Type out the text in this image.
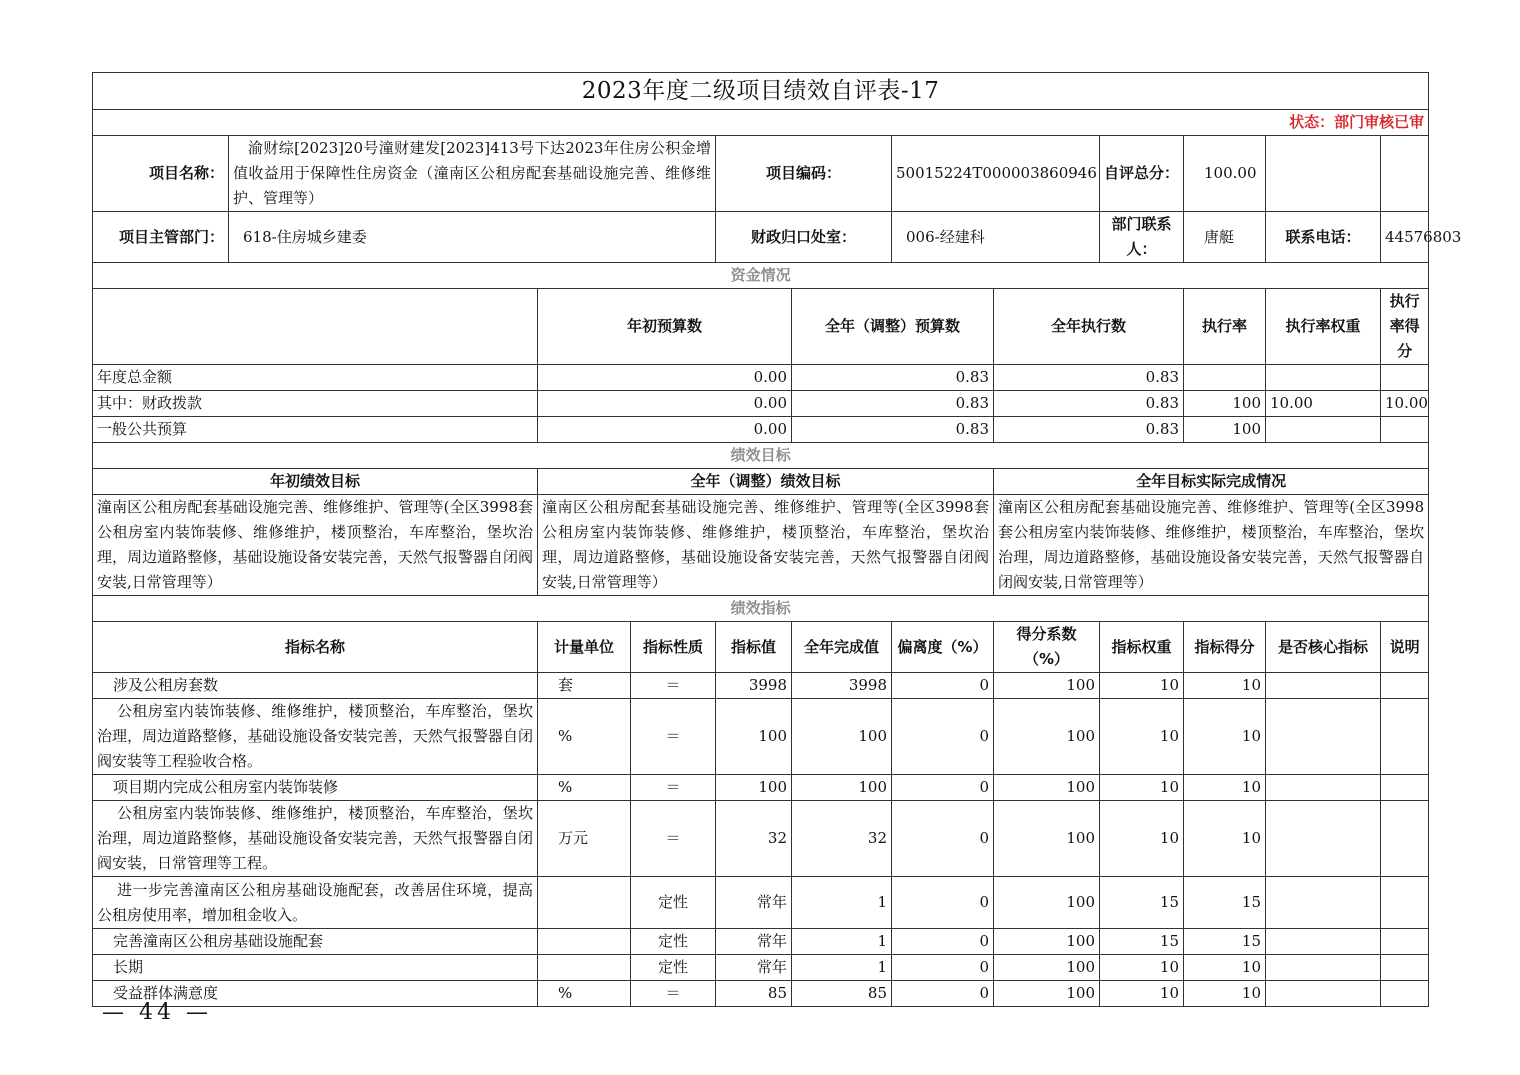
2023年度二级项目绩效自评表-17											
状态：部门审核已审											
项目名称：	渝财综[2023]20号潼财建发[2023]413号下达2023年住房公积金增值收益用于保障性住房资金（潼南区公租房配套基础设施完善、维修维护、管理等）			项目编码：		50015224T000003860946		自评总分：	100.00		
项目主管部门：	618-住房城乡建委			财政归口处室：		006-经建科		部门联系人：	唐艇	联系电话：	44576803
资金情况											
		年初预算数			全年（调整）预算数		全年执行数		执行率	执行率权重	执行率得分
年度总金额		0.00			0.83		0.83				
其中：财政拨款		0.00			0.83		0.83		100	10.00	10.00
一般公共预算		0.00			0.83		0.83		100		
绩效目标											
年初绩效目标		全年（调整）绩效目标					全年目标实际完成情况				
潼南区公租房配套基础设施完善、维修维护、管理等(全区3998套公租房室内装饰装修、维修维护，楼顶整治，车库整治，堡坎治理，周边道路整修，基础设施设备安装完善，天然气报警器自闭阀安装,日常管理等）		潼南区公租房配套基础设施完善、维修维护、管理等(全区3998套公租房室内装饰装修、维修维护，楼顶整治，车库整治，堡坎治理，周边道路整修，基础设施设备安装完善，天然气报警器自闭阀安装,日常管理等）					潼南区公租房配套基础设施完善、维修维护、管理等(全区3998套公租房室内装饰装修、维修维护，楼顶整治，车库整治，堡坎治理，周边道路整修，基础设施设备安装完善，天然气报警器自闭阀安装,日常管理等）				
绩效指标											
指标名称		计量单位	指标性质	指标值	全年完成值	偏离度（%）	得分系数（%）	指标权重	指标得分	是否核心指标	说明
涉及公租房套数		套	＝	3998	3998	0	100	10	10		
公租房室内装饰装修、维修维护，楼顶整治，车库整治，堡坎治理，周边道路整修，基础设施设备安装完善，天然气报警器自闭阀安装等工程验收合格。		%	＝	100	100	0	100	10	10		
项目期内完成公租房室内装饰装修		%	＝	100	100	0	100	10	10		
公租房室内装饰装修、维修维护，楼顶整治，车库整治，堡坎治理，周边道路整修，基础设施设备安装完善，天然气报警器自闭阀安装，日常管理等工程。		万元	＝	32	32	0	100	10	10		
进一步完善潼南区公租房基础设施配套，改善居住环境，提高公租房使用率，增加租金收入。			定性	常年	1	0	100	15	15		
完善潼南区公租房基础设施配套			定性	常年	1	0	100	15	15		
长期			定性	常年	1	0	100	10	10		
受益群体满意度		%	＝	85	85	0	100	10	10		
— 44 —
